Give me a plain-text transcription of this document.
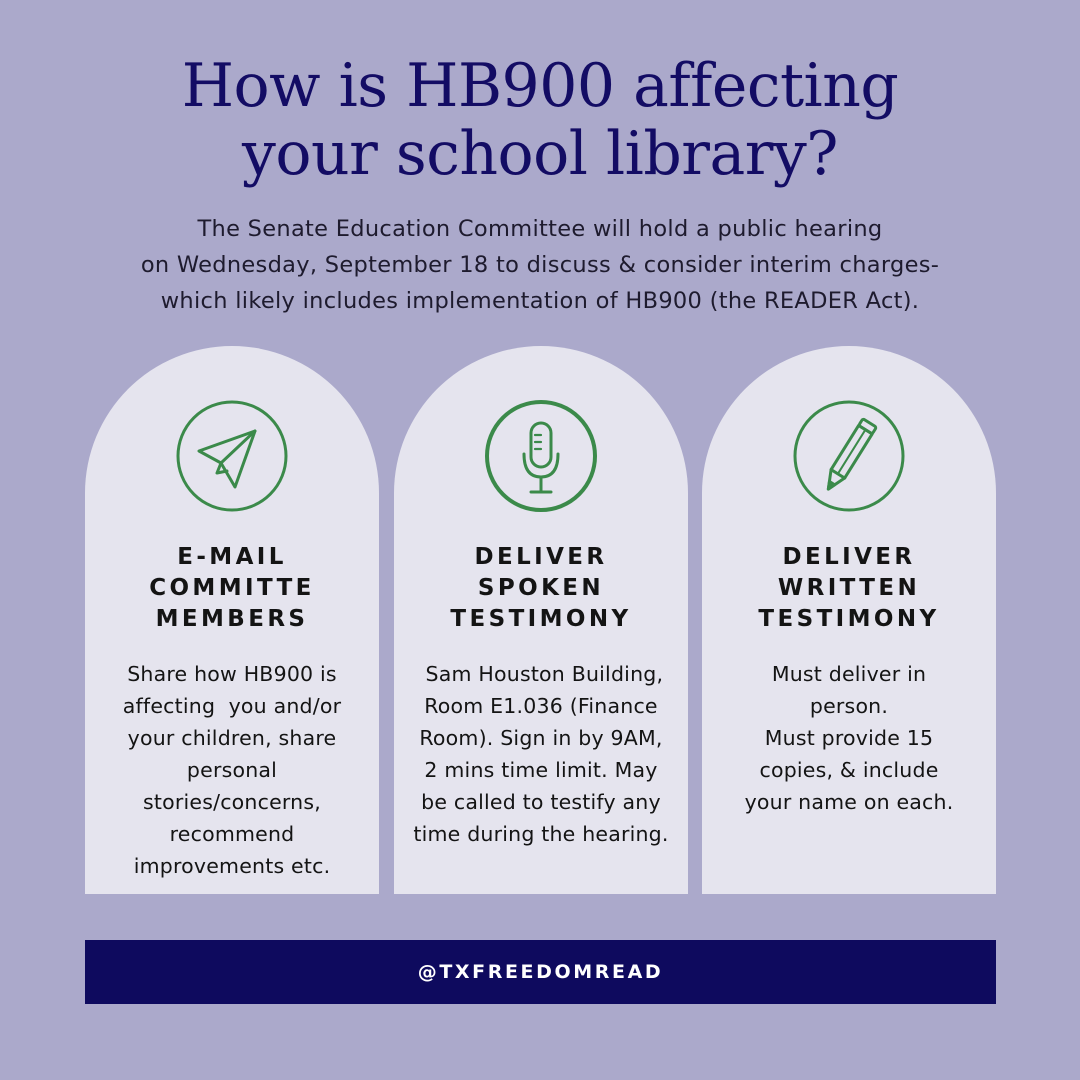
How is HB900 affecting
your school library?

The Senate Education Committee will hold a public hearing
on Wednesday, September 18 to discuss & consider interim charges-
which likely includes implementation of HB900 (the READER Act).

E-MAIL
COMMITTE
MEMBERS
Share how HB900 is
affecting  you and/or
your children, share
personal
stories/concerns,
recommend
improvements etc.
DELIVER
SPOKEN
TESTIMONY
Sam Houston Building,
Room E1.036 (Finance
Room). Sign in by 9AM,
2 mins time limit. May
be called to testify any
time during the hearing.
DELIVER
WRITTEN
TESTIMONY
Must deliver in
person.
Must provide 15
copies, & include
your name on each.
@TXFREEDOMREAD
